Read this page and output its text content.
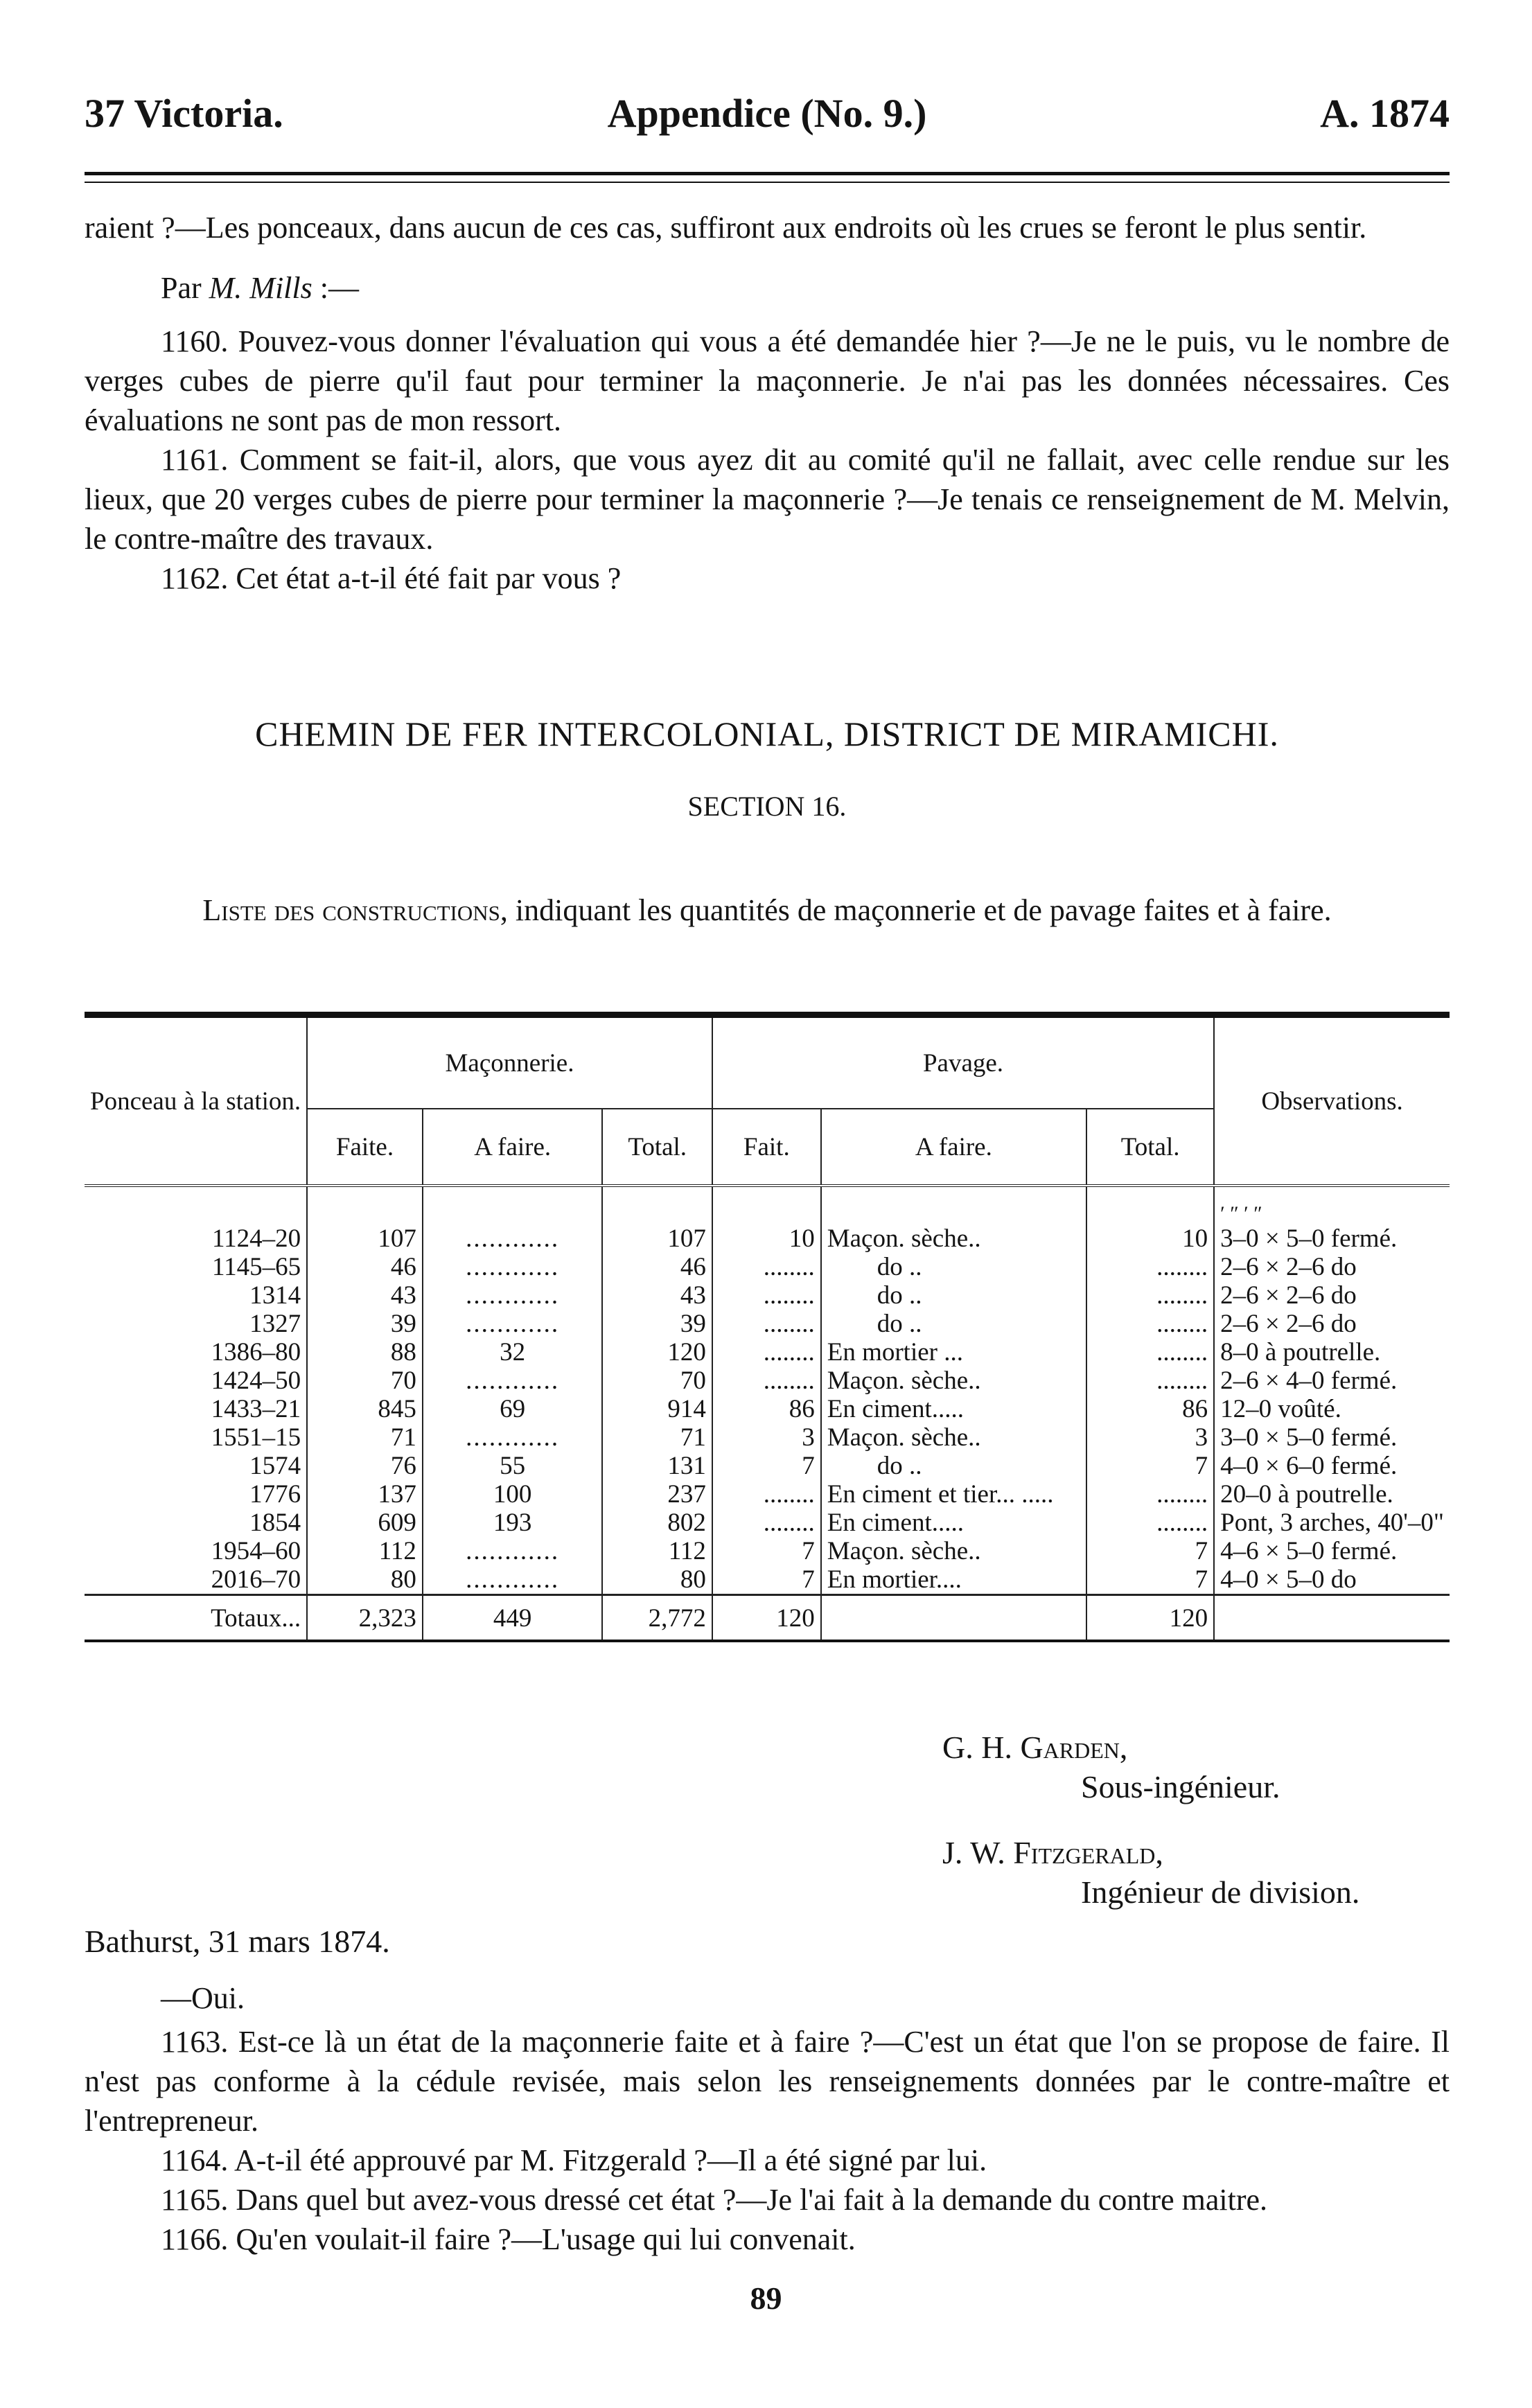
37 Victoria.	Appendice (No. 9.)	A. 1874

raient ?—Les ponceaux, dans aucun de ces cas, suffiront aux endroits où les crues se feront le plus sentir.

Par M. Mills :—

1160. Pouvez-vous donner l'évaluation qui vous a été demandée hier ?—Je ne le puis, vu le nombre de verges cubes de pierre qu'il faut pour terminer la maçonnerie. Je n'ai pas les données nécessaires. Ces évaluations ne sont pas de mon ressort.

1161. Comment se fait-il, alors, que vous ayez dit au comité qu'il ne fallait, avec celle rendue sur les lieux, que 20 verges cubes de pierre pour terminer la maçonnerie ?—Je tenais ce renseignement de M. Melvin, le contre-maître des travaux.

1162. Cet état a-t-il été fait par vous ?

CHEMIN DE FER INTERCOLONIAL, DISTRICT DE MIRAMICHI.
SECTION 16.
Liste des constructions, indiquant les quantités de maçonnerie et de pavage faites et à faire.
Ponceau à la station.	Maçonnerie.			Pavage.			Observations.
	Faite.	A faire.	Total.	Fait.	A faire.	Total.	
							′ ″ ′ ″
1124–20	107	............	107	10	Maçon. sèche..	10	3–0 × 5–0 fermé.
1145–65	46	............	46	........	do ..	........	2–6 × 2–6 do
1314	43	............	43	........	do ..	........	2–6 × 2–6 do
1327	39	............	39	........	do ..	........	2–6 × 2–6 do
1386–80	88	32	120	........	En mortier ...	........	8–0 à poutrelle.
1424–50	70	............	70	........	Maçon. sèche..	........	2–6 × 4–0 fermé.
1433–21	845	69	914	86	En ciment.....	86	12–0 voûté.
1551–15	71	............	71	3	Maçon. sèche..	3	3–0 × 5–0 fermé.
1574	76	55	131	7	do ..	7	4–0 × 6–0 fermé.
1776	137	100	237	........	En ciment et tier... .....	........	20–0 à poutrelle.
1854	609	193	802	........	En ciment.....	........	Pont, 3 arches, 40'–0"
1954–60	112	............	112	7	Maçon. sèche..	7	4–6 × 5–0 fermé.
2016–70	80	............	80	7	En mortier....	7	4–0 × 5–0 do
Totaux...	2,323	449	2,772	120		120	
G. H. Garden,
Sous-ingénieur.
J. W. Fitzgerald,
Ingénieur de division.
Bathurst, 31 mars 1874.

—Oui.

1163. Est-ce là un état de la maçonnerie faite et à faire ?—C'est un état que l'on se propose de faire. Il n'est pas conforme à la cédule revisée, mais selon les renseignements données par le contre-maître et l'entrepreneur.

1164. A-t-il été approuvé par M. Fitzgerald ?—Il a été signé par lui.

1165. Dans quel but avez-vous dressé cet état ?—Je l'ai fait à la demande du contre maitre.

1166. Qu'en voulait-il faire ?—L'usage qui lui convenait.

89
